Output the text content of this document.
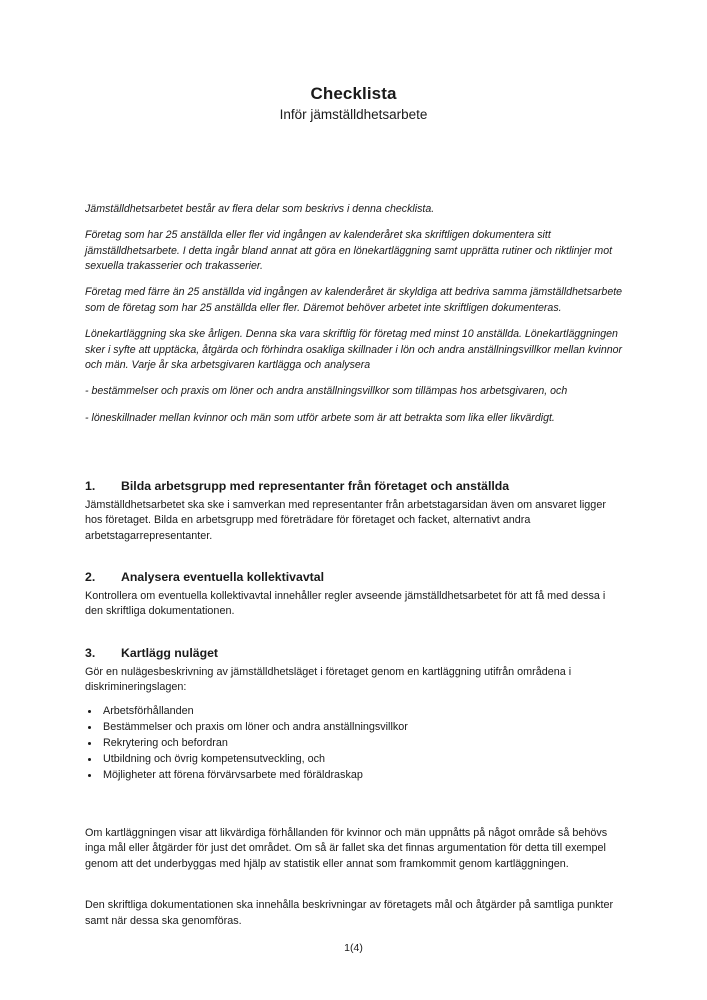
Checklista

Inför jämställdhetsarbete

Jämställdhetsarbetet består av flera delar som beskrivs i denna checklista.

Företag som har 25 anställda eller fler vid ingången av kalenderåret ska skriftligen dokumentera sitt jämställdhetsarbete. I detta ingår bland annat att göra en lönekartläggning samt upprätta rutiner och riktlinjer mot sexuella trakasserier och trakasserier.

Företag med färre än 25 anställda vid ingången av kalenderåret är skyldiga att bedriva samma jämställdhetsarbete som de företag som har 25 anställda eller fler. Däremot behöver arbetet inte skriftligen dokumenteras.

Lönekartläggning ska ske årligen. Denna ska vara skriftlig för företag med minst 10 anställda. Lönekartläggningen sker i syfte att upptäcka, åtgärda och förhindra osakliga skillnader i lön och andra anställningsvillkor mellan kvinnor och män. Varje år ska arbetsgivaren kartlägga och analysera

- bestämmelser och praxis om löner och andra anställningsvillkor som tillämpas hos arbetsgivaren, och

- löneskillnader mellan kvinnor och män som utför arbete som är att betrakta som lika eller likvärdigt.

1.	Bilda arbetsgrupp med representanter från företaget och anställda

Jämställdhetsarbetet ska ske i samverkan med representanter från arbetstagarsidan även om ansvaret ligger hos företaget. Bilda en arbetsgrupp med företrädare för företaget och facket, alternativt andra arbetstagarrepresentanter.

2.	Analysera eventuella kollektivavtal

Kontrollera om eventuella kollektivavtal innehåller regler avseende jämställdhetsarbetet för att få med dessa i den skriftliga dokumentationen.

3.	Kartlägg nuläget

Gör en nulägesbeskrivning av jämställdhetsläget i företaget genom en kartläggning utifrån områdena i diskrimineringslagen:

Arbetsförhållanden
Bestämmelser och praxis om löner och andra anställningsvillkor
Rekrytering och befordran
Utbildning och övrig kompetensutveckling, och
Möjligheter att förena förvärvsarbete med föräldraskap

Om kartläggningen visar att likvärdiga förhållanden för kvinnor och män uppnåtts på något område så behövs inga mål eller åtgärder för just det området. Om så är fallet ska det finnas argumentation för detta till exempel genom att det underbyggas med hjälp av statistik eller annat som framkommit genom kartläggningen.

Den skriftliga dokumentationen ska innehålla beskrivningar av företagets mål och åtgärder på samtliga punkter samt när dessa ska genomföras.

1(4)
